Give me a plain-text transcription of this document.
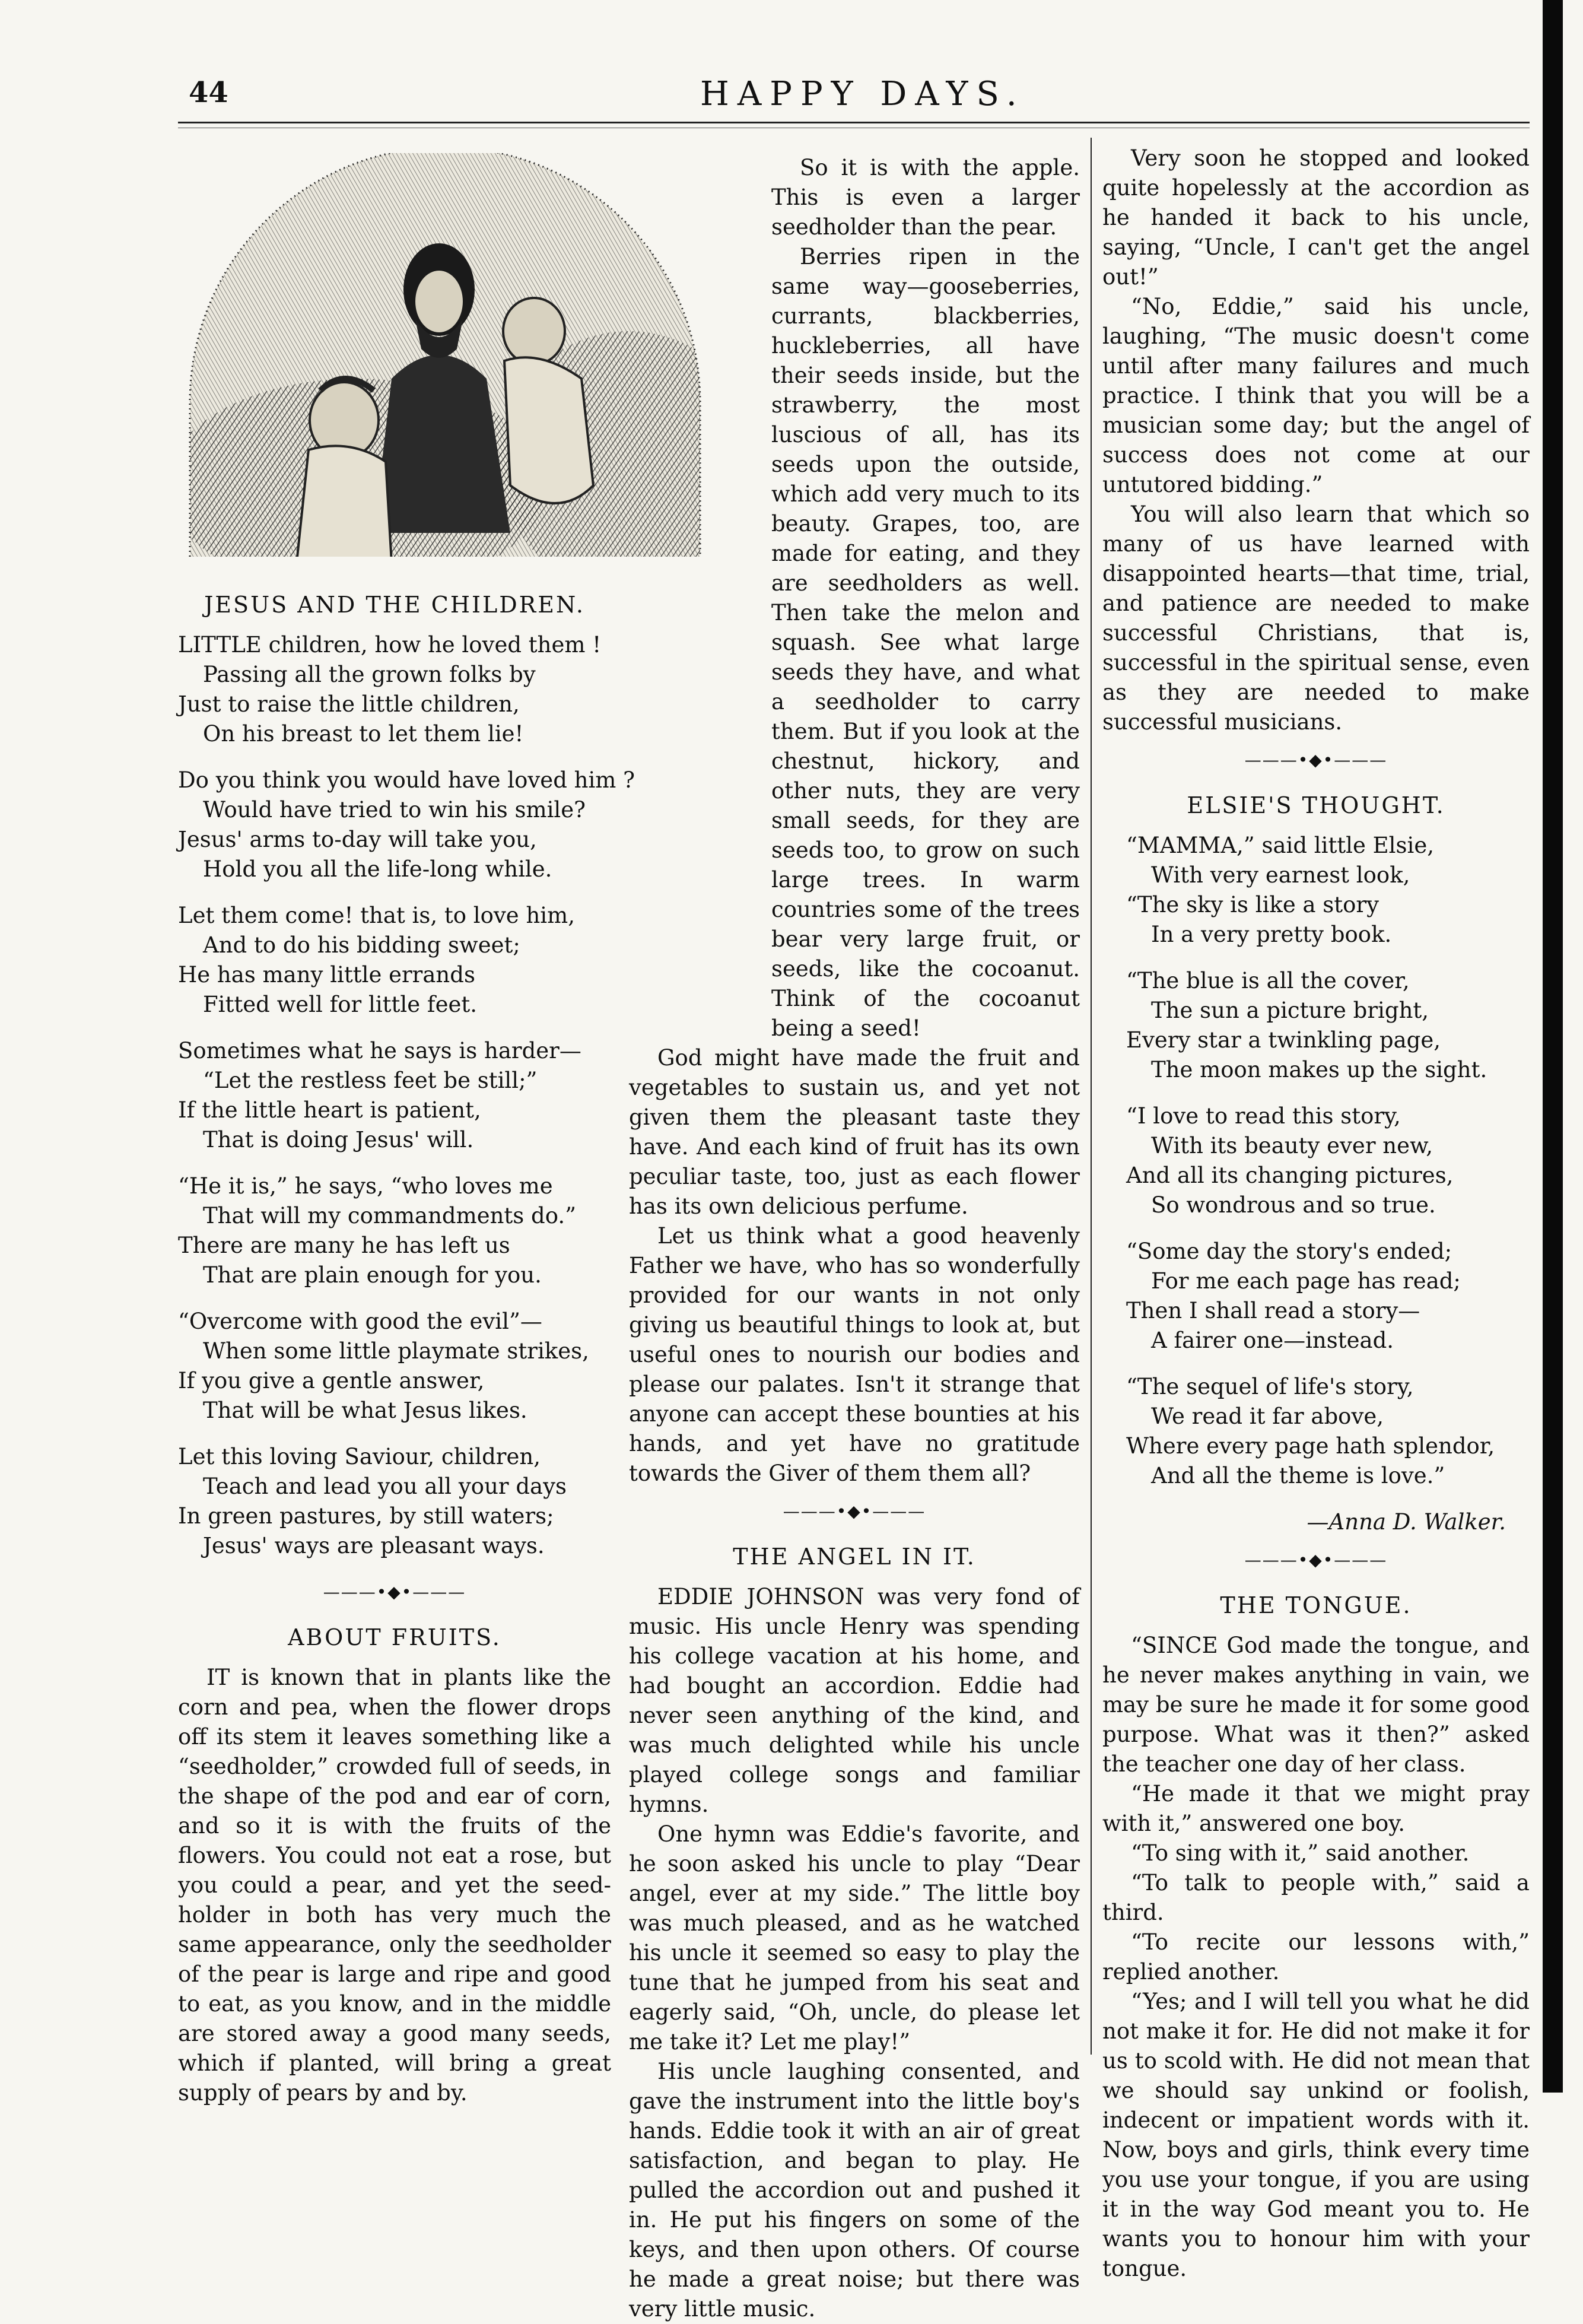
44	HAPPY DAYS.
JESUS AND THE CHILDREN.
LITTLE children, how he loved them !
Passing all the grown folks by
Just to raise the little children,
On his breast to let them lie!
Do you think you would have loved him ?
Would have tried to win his smile?
Jesus' arms to-day will take you,
Hold you all the life-long while.
Let them come! that is, to love him,
And to do his bidding sweet;
He has many little errands
Fitted well for little feet.
Sometimes what he says is harder—
“Let the restless feet be still;”
If the little heart is patient,
That is doing Jesus' will.
“He it is,” he says, “who loves me
That will my commandments do.”
There are many he has left us
That are plain enough for you.
“Overcome with good the evil”—
When some little playmate strikes,
If you give a gentle answer,
That will be what Jesus likes.
Let this loving Saviour, children,
Teach and lead you all your days
In green pastures, by still waters;
Jesus' ways are pleasant ways.
———•◆•———
ABOUT FRUITS.

IT is known that in plants like the corn and pea, when the flower drops off its stem it leaves something like a “seedholder,” crowded full of seeds, in the shape of the pod and ear of corn, and so it is with the fruits of the flowers. You could not eat a rose, but you could a pear, and yet the seed-holder in both has very much the same appearance, only the seedholder of the pear is large and ripe and good to eat, as you know, and in the middle are stored away a good many seeds, which if planted, will bring a great supply of pears by and by.

So it is with the apple. This is even a larger seedholder than the pear.

Berries ripen in the same way—gooseberries, currants, blackberries, huckleberries, all have their seeds inside, but the strawberry, the most luscious of all, has its seeds upon the outside, which add very much to its beauty. Grapes, too, are made for eating, and they are seedholders as well. Then take the melon and squash. See what large seeds they have, and what a seedholder to carry them. But if you look at the chestnut, hickory, and other nuts, they are very small seeds, for they are seeds too, to grow on such large trees. In warm countries some of the trees bear very large fruit, or seeds, like the cocoanut. Think of the cocoanut being a seed!

God might have made the fruit and vegetables to sustain us, and yet not given them the pleasant taste they have. And each kind of fruit has its own peculiar taste, too, just as each flower has its own delicious perfume.

Let us think what a good heavenly Father we have, who has so wonderfully provided for our wants in not only giving us beautiful things to look at, but useful ones to nourish our bodies and please our palates. Isn't it strange that anyone can accept these bounties at his hands, and yet have no gratitude towards the Giver of them them all?

———•◆•———
THE ANGEL IN IT.

EDDIE JOHNSON was very fond of music. His uncle Henry was spending his college vacation at his home, and had bought an accordion. Eddie had never seen anything of the kind, and was much delighted while his uncle played college songs and familiar hymns.

One hymn was Eddie's favorite, and he soon asked his uncle to play “Dear angel, ever at my side.” The little boy was much pleased, and as he watched his uncle it seemed so easy to play the tune that he jumped from his seat and eagerly said, “Oh, uncle, do please let me take it? Let me play!”

His uncle laughing consented, and gave the instrument into the little boy's hands. Eddie took it with an air of great satisfaction, and began to play. He pulled the accordion out and pushed it in. He put his fingers on some of the keys, and then upon others. Of course he made a great noise; but there was very little music.

Very soon he stopped and looked quite hopelessly at the accordion as he handed it back to his uncle, saying, “Uncle, I can't get the angel out!”

“No, Eddie,” said his uncle, laughing, “The music doesn't come until after many failures and much practice. I think that you will be a musician some day; but the angel of success does not come at our untutored bidding.”

You will also learn that which so many of us have learned with disappointed hearts—that time, trial, and patience are needed to make successful Christians, that is, successful in the spiritual sense, even as they are needed to make successful musicians.

———•◆•———
ELSIE'S THOUGHT.
“MAMMA,” said little Elsie,
With very earnest look,
“The sky is like a story
In a very pretty book.
“The blue is all the cover,
The sun a picture bright,
Every star a twinkling page,
The moon makes up the sight.
“I love to read this story,
With its beauty ever new,
And all its changing pictures,
So wondrous and so true.
“Some day the story's ended;
For me each page has read;
Then I shall read a story—
A fairer one—instead.
“The sequel of life's story,
We read it far above,
Where every page hath splendor,
And all the theme is love.”
—Anna D. Walker.
———•◆•———
THE TONGUE.

“SINCE God made the tongue, and he never makes anything in vain, we may be sure he made it for some good purpose. What was it then?” asked the teacher one day of her class.

“He made it that we might pray with it,” answered one boy.

“To sing with it,” said another.

“To talk to people with,” said a third.

“To recite our lessons with,” replied another.

“Yes; and I will tell you what he did not make it for. He did not make it for us to scold with. He did not mean that we should say unkind or foolish, indecent or impatient words with it. Now, boys and girls, think every time you use your tongue, if you are using it in the way God meant you to. He wants you to honour him with your tongue.
